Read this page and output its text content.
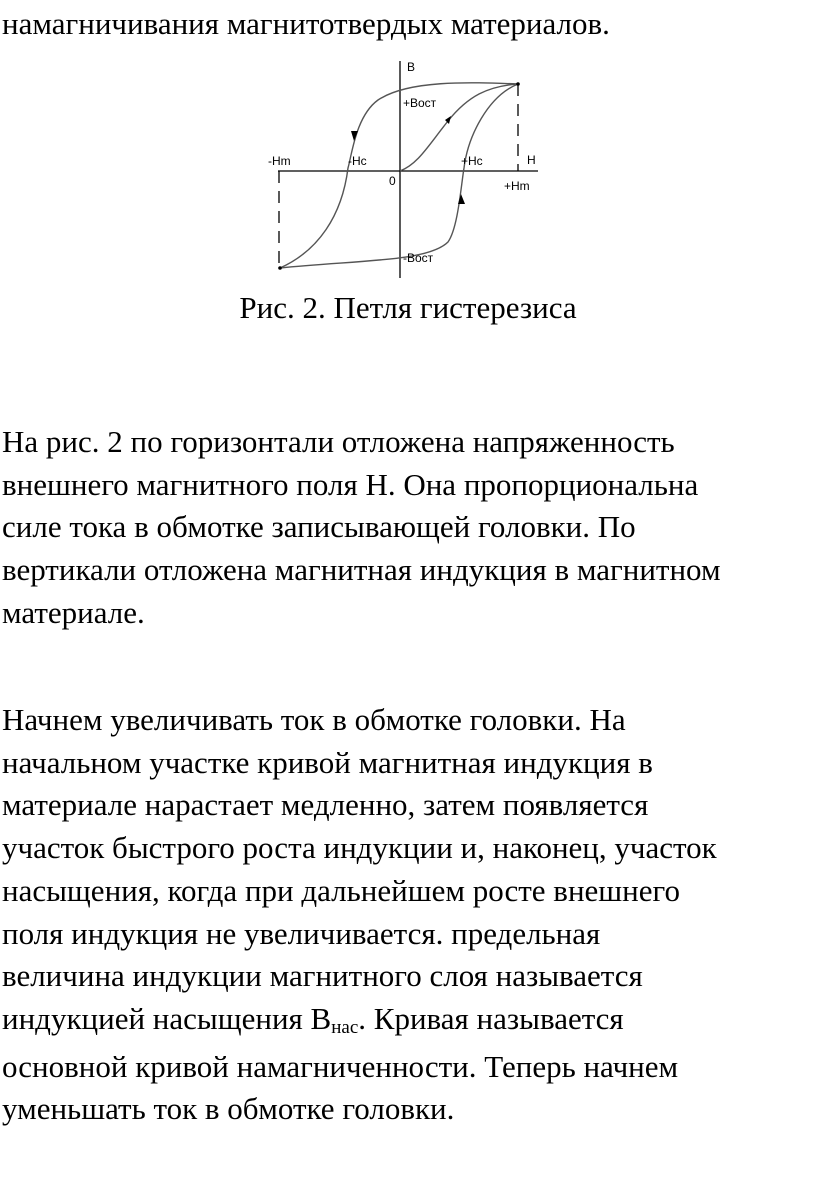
намагничивания магнитотвердых материалов.
B
+Bост
-Hm	-Hc	+Hc	H
0	+Hm
-Bост
Рис. 2. Петля гистерезиса

На рис. 2 по горизонтали отложена напряженность
внешнего магнитного поля H. Она пропорциональна
силе тока в обмотке записывающей головки. По
вертикали отложена магнитная индукция в магнитном
материале.

Начнем увеличивать ток в обмотке головки. На
начальном участке кривой магнитная индукция в
материале нарастает медленно, затем появляется
участок быстрого роста индукции и, наконец, участок
насыщения, когда при дальнейшем росте внешнего
поля индукция не увеличивается. предельная
величина индукции магнитного слоя называется
индукцией насыщения $B_{нас}$. Кривая называется
основной кривой намагниченности. Теперь начнем
уменьшать ток в обмотке головки.
